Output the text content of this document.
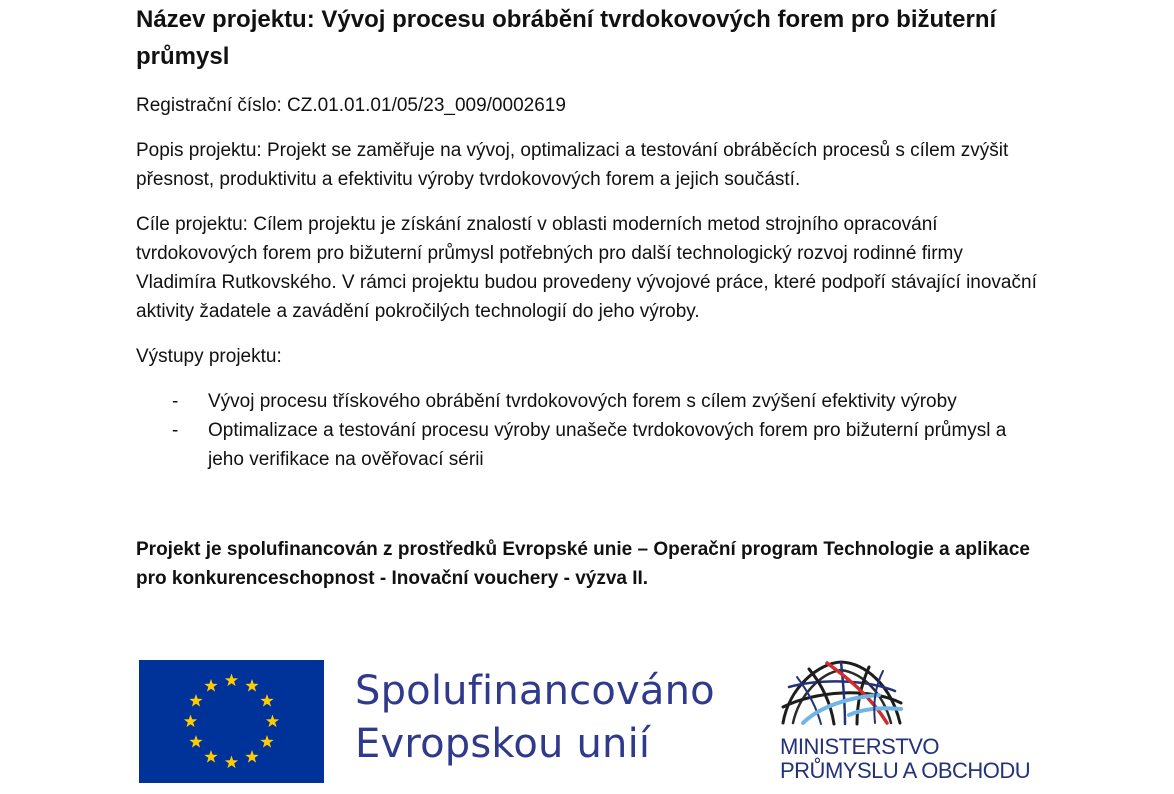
Název projektu: Vývoj procesu obrábění tvrdokovových forem pro bižuterní průmysl

Registrační číslo: CZ.01.01.01/05/23_009/0002619

Popis projektu: Projekt se zaměřuje na vývoj, optimalizaci a testování obráběcích procesů s cílem zvýšit přesnost, produktivitu a efektivitu výroby tvrdokovových forem a jejich součástí.

Cíle projektu: Cílem projektu je získání znalostí v oblasti moderních metod strojního opracování tvrdokovových forem pro bižuterní průmysl potřebných pro další technologický rozvoj rodinné firmy Vladimíra Rutkovského. V rámci projektu budou provedeny vývojové práce, které podpoří stávající inovační aktivity žadatele a zavádění pokročilých technologií do jeho výroby.

Výstupy projektu:

- Vývoj procesu třískového obrábění tvrdokovových forem s cílem zvýšení efektivity výroby
- Optimalizace a testování procesu výroby unašeče tvrdokovových forem pro bižuterní průmysl a jeho verifikace na ověřovací sérii

Projekt je spolufinancován z prostředků Evropské unie – Operační program Technologie a aplikace pro konkurenceschopnost - Inovační vouchery - výzva II.

Spolufinancováno
Evropskou unií	MINISTERSTVO
PRŮMYSLU A OBCHODU
